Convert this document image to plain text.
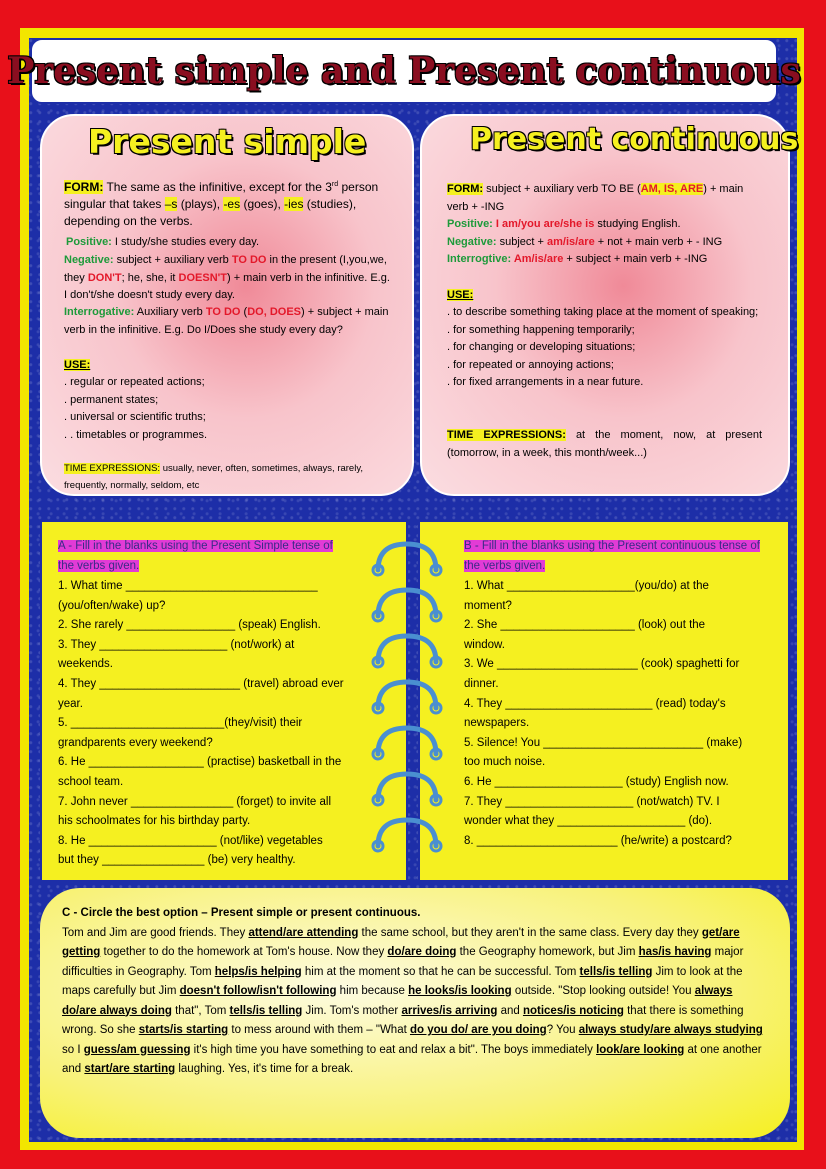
Present simple and Present continuous
Present simple
FORM: The same as the infinitive, except for the 3rd person singular that takes –s (plays), -es (goes), -ies (studies), depending on the verbs.
Positive: I study/she studies every day.
Negative: subject + auxiliary verb TO DO in the present (I,you,we, they DON'T; he, she, it DOESN'T) + main verb in the infinitive. E.g. I don't/she doesn't study every day.
Interrogative: Auxiliary verb TO DO (DO, DOES) + subject + main verb in the infinitive. E.g. Do I/Does she study every day?
USE:
. regular or repeated actions;
. permanent states;
. universal or scientific truths;
. . timetables or programmes.
TIME EXPRESSIONS: usually, never, often, sometimes, always, rarely, frequently, normally, seldom, etc
Present continuous
FORM: subject + auxiliary verb TO BE (AM, IS, ARE) + main verb + -ING
Positive: I am/you are/she is studying English.
Negative: subject + am/is/are + not + main verb + - ING
Interrogtive: Am/is/are + subject + main verb + -ING
USE:
. to describe something taking place at the moment of speaking;
. for something happening temporarily;
. for changing or developing situations;
. for repeated or annoying actions;
. for fixed arrangements in a near future.
TIME EXPRESSIONS: at the moment, now, at present (tomorrow, in a week, this month/week...)
A - Fill in the blanks using the Present Simple tense of the verbs given.
1. What time ______________________________
(you/often/wake) up?
2. She rarely _________________ (speak) English.
3. They ____________________ (not/work) at
weekends.
4. They ______________________ (travel) abroad ever
year.
5. ________________________(they/visit) their
grandparents every weekend?
6. He __________________ (practise) basketball in the
school team.
7. John never ________________ (forget) to invite all
his schoolmates for his birthday party.
8. He ____________________ (not/like) vegetables
but they ________________ (be) very healthy.
B - Fill in the blanks using the Present continuous tense of the verbs given.
1. What ____________________(you/do) at the
moment?
2. She _____________________ (look) out the
window.
3. We ______________________ (cook) spaghetti for
dinner.
4. They _______________________ (read) today's
newspapers.
5. Silence! You _________________________ (make)
too much noise.
6. He ____________________ (study) English now.
7. They ____________________ (not/watch) TV. I
wonder what they ____________________ (do).
8. ______________________ (he/write) a postcard?
C - Circle the best option – Present simple or present continuous.
Tom and Jim are good friends. They attend/are attending the same school, but they aren't in the same class. Every day they get/are getting together to do the homework at Tom's house. Now they do/are doing the Geography homework, but Jim has/is having major difficulties in Geography. Tom helps/is helping him at the moment so that he can be successful. Tom tells/is telling Jim to look at the maps carefully but Jim doesn't follow/isn't following him because he looks/is looking outside. "Stop looking outside! You always do/are always doing that", Tom tells/is telling Jim. Tom's mother arrives/is arriving and notices/is noticing that there is something wrong. So she starts/is starting to mess around with them – "What do you do/ are you doing? You always study/are always studying so I guess/am guessing it's high time you have something to eat and relax a bit". The boys immediately look/are looking at one another and start/are starting laughing. Yes, it's time for a break.
